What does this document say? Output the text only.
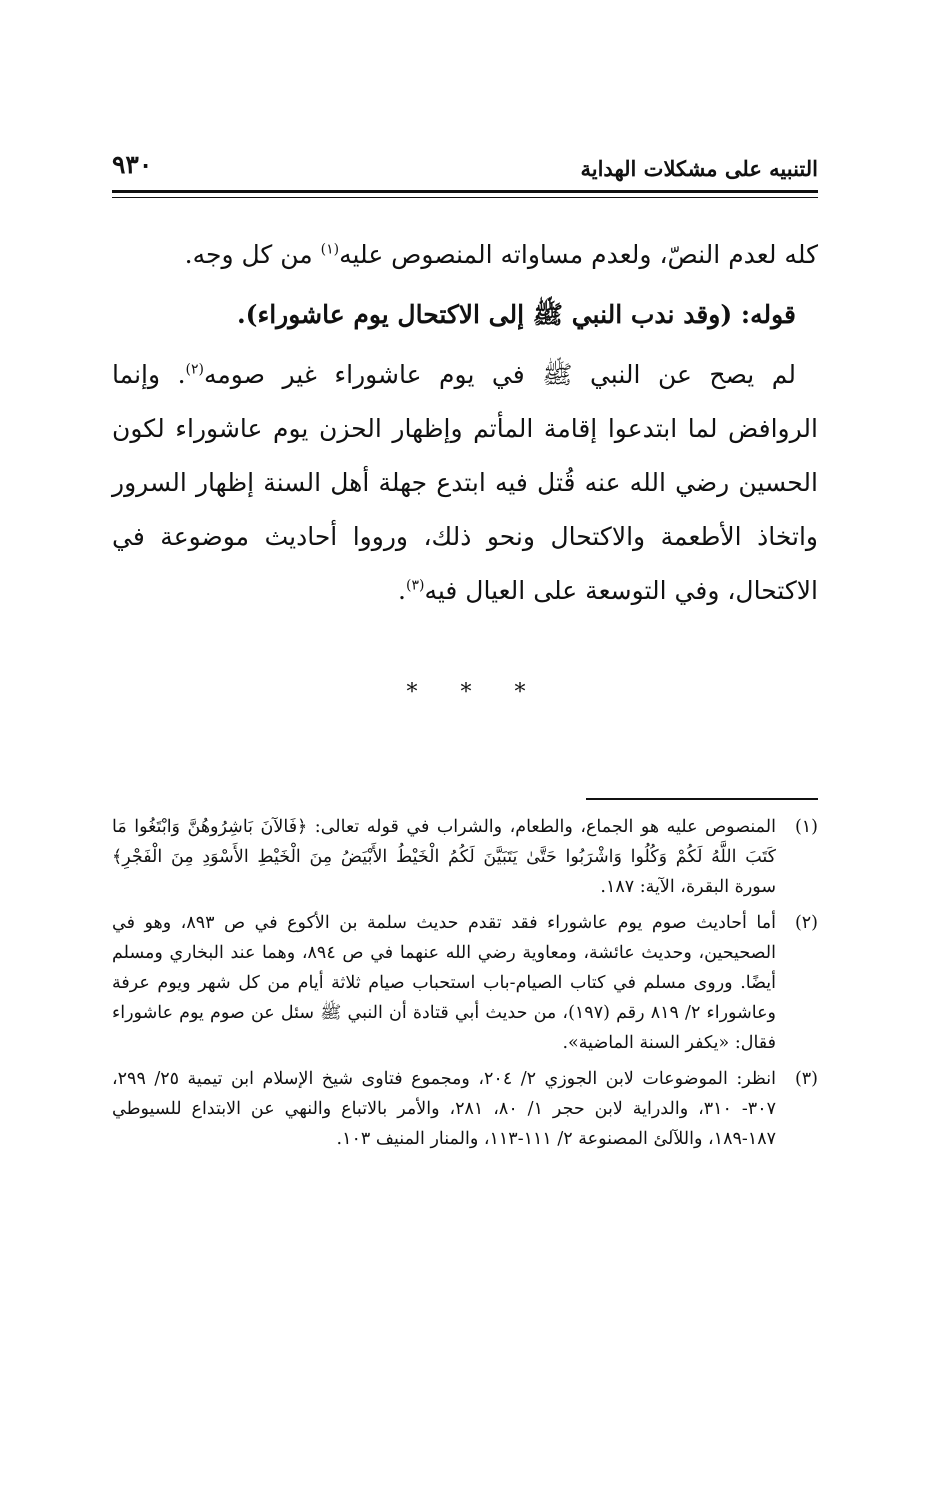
التنبيه على مشكلات الهداية
٩٣٠

كله لعدم النصّ، ولعدم مساواته المنصوص عليه$^{(١)}$ من كل وجه.

قوله: (وقد ندب النبي ﷺ إلى الاكتحال يوم عاشوراء).

لم يصح عن النبي ﷺ في يوم عاشوراء غير صومه$^{(٢)}$. وإنما الروافض لما ابتدعوا إقامة المأتم وإظهار الحزن يوم عاشوراء لكون الحسين رضي الله عنه قُتل فيه ابتدع جهلة أهل السنة إظهار السرور واتخاذ الأطعمة والاكتحال ونحو ذلك، ورووا أحاديث موضوعة في الاكتحال، وفي التوسعة على العيال فيه$^{(٣)}$.

* * *
(١)
المنصوص عليه هو الجماع، والطعام، والشراب في قوله تعالى: ﴿فَالآنَ بَاشِرُوهُنَّ وَابْتَغُوا مَا كَتَبَ اللَّهُ لَكُمْ وَكُلُوا وَاشْرَبُوا حَتَّىٰ يَتَبَيَّنَ لَكُمُ الْخَيْطُ الأَبْيَضُ مِنَ الْخَيْطِ الأَسْوَدِ مِنَ الْفَجْرِ﴾ سورة البقرة، الآية: ١٨٧.
(٢)
أما أحاديث صوم يوم عاشوراء فقد تقدم حديث سلمة بن الأكوع في ص ٨٩٣، وهو في الصحيحين، وحديث عائشة، ومعاوية رضي الله عنهما في ص ٨٩٤، وهما عند البخاري ومسلم أيضًا. وروى مسلم في كتاب الصيام-باب استحباب صيام ثلاثة أيام من كل شهر ويوم عرفة وعاشوراء ٢/ ٨١٩ رقم (١٩٧)، من حديث أبي قتادة أن النبي ﷺ سئل عن صوم يوم عاشوراء فقال: «يكفر السنة الماضية».
(٣)
انظر: الموضوعات لابن الجوزي ٢/ ٢٠٤، ومجموع فتاوى شيخ الإسلام ابن تيمية ٢٥/ ٢٩٩، ٣٠٧- ٣١٠، والدراية لابن حجر ١/ ٨٠، ٢٨١، والأمر بالاتباع والنهي عن الابتداع للسيوطي ١٨٧-١٨٩، واللآلئ المصنوعة ٢/ ١١١-١١٣، والمنار المنيف ١٠٣.
